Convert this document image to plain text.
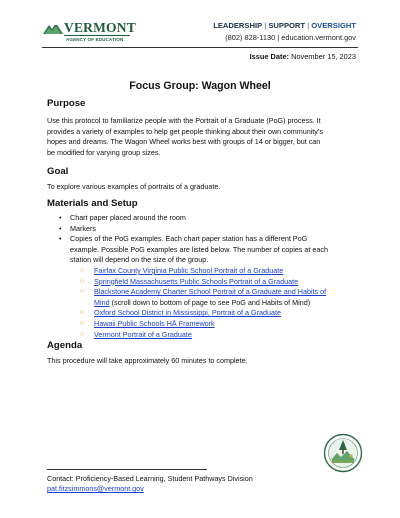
VERMONT
AGENCY OF EDUCATION
LEADERSHIP | SUPPORT | OVERSIGHT
(802) 828-1130 | education.vermont.gov
Issue Date: November 15, 2023
Focus Group: Wagon Wheel
Purpose
Use this protocol to familiarize people with the Portrait of a Graduate (PoG) process. It
provides a variety of examples to help get people thinking about their own community’s
hopes and dreams. The Wagon Wheel works best with groups of 14 or bigger, but can
be modified for varying group sizes.
Goal
To explore various examples of portraits of a graduate.
Materials and Setup
• Chart paper placed around the room
• Markers
• Copies of the PoG examples. Each chart paper station has a different PoG
example. Possible PoG examples are listed below. The number of copies at each
station will depend on the size of the group.
○ Fairfax County Virginia Public School Portrait of a Graduate
○ Springfield Massachusetts Public Schools Portrait of a Graduate
○ Blackstone Academy Charter School Portrait of a Graduate and Habits of
Mind (scroll down to bottom of page to see PoG and Habits of Mind)
○ Oxford School District in Mississippi, Portrait of a Graduate
○ Hawaii Public Schools HĀ Framework
○ Vermont Portrait of a Graduate
Agenda
This procedure will take approximately 60 minutes to complete.
Contact: Proficiency-Based Learning, Student Pathways Division
pat.fitzsimmons@vermont.gov
